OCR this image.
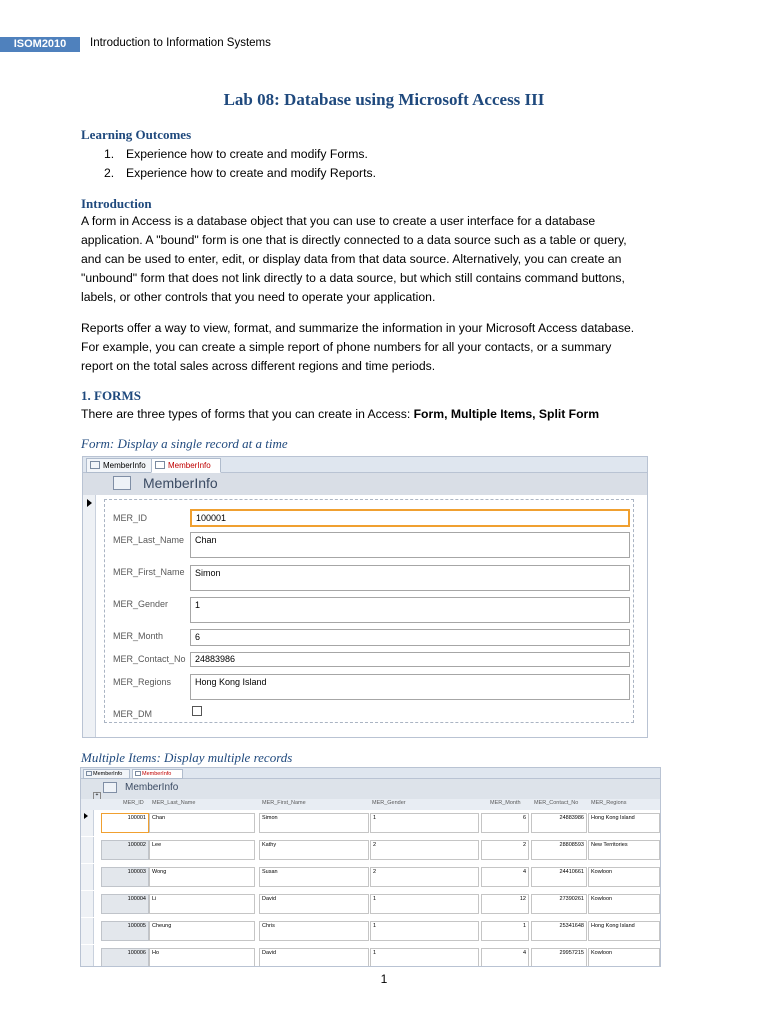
ISOM2010	Introduction to Information Systems
Lab 08: Database using Microsoft Access III
Learning Outcomes
1. Experience how to create and modify Forms.
2. Experience how to create and modify Reports.
Introduction
A form in Access is a database object that you can use to create a user interface for a database
application. A "bound" form is one that is directly connected to a data source such as a table or query,
and can be used to enter, edit, or display data from that data source. Alternatively, you can create an
"unbound" form that does not link directly to a data source, but which still contains command buttons,
labels, or other controls that you need to operate your application.
Reports offer a way to view, format, and summarize the information in your Microsoft Access database.
For example, you can create a simple report of phone numbers for all your contacts, or a summary
report on the total sales across different regions and time periods.
1. FORMS
There are three types of forms that you can create in Access: Form, Multiple Items, Split Form
Form: Display a single record at a time
MemberInfo	MemberInfo
MemberInfo
MER_ID	100001
MER_Last_Name	Chan
MER_First_Name	Simon
MER_Gender	1
MER_Month	6
MER_Contact_No	24883986
MER_Regions	Hong Kong Island
MER_DM
Multiple Items: Display multiple records
MemberInfo	MemberInfo
MemberInfo
+
MER_ID MER_Last_Name	MER_First_Name	MER_Gender	MER_Month MER_Contact_No MER_Regions
100001	Chan	Simon	1	6	24883986	Hong Kong Island
100002	Lee	Kathy	2	2	28808593	New Territories
100003	Wong	Susan	2	4	24410661	Kowloon
100004	Li	David	1	12	27390261	Kowloon
100005	Cheung	Chris	1	1	25341648	Hong Kong Island
100006	Ho	David	1	4	29957215	Kowloon
1
